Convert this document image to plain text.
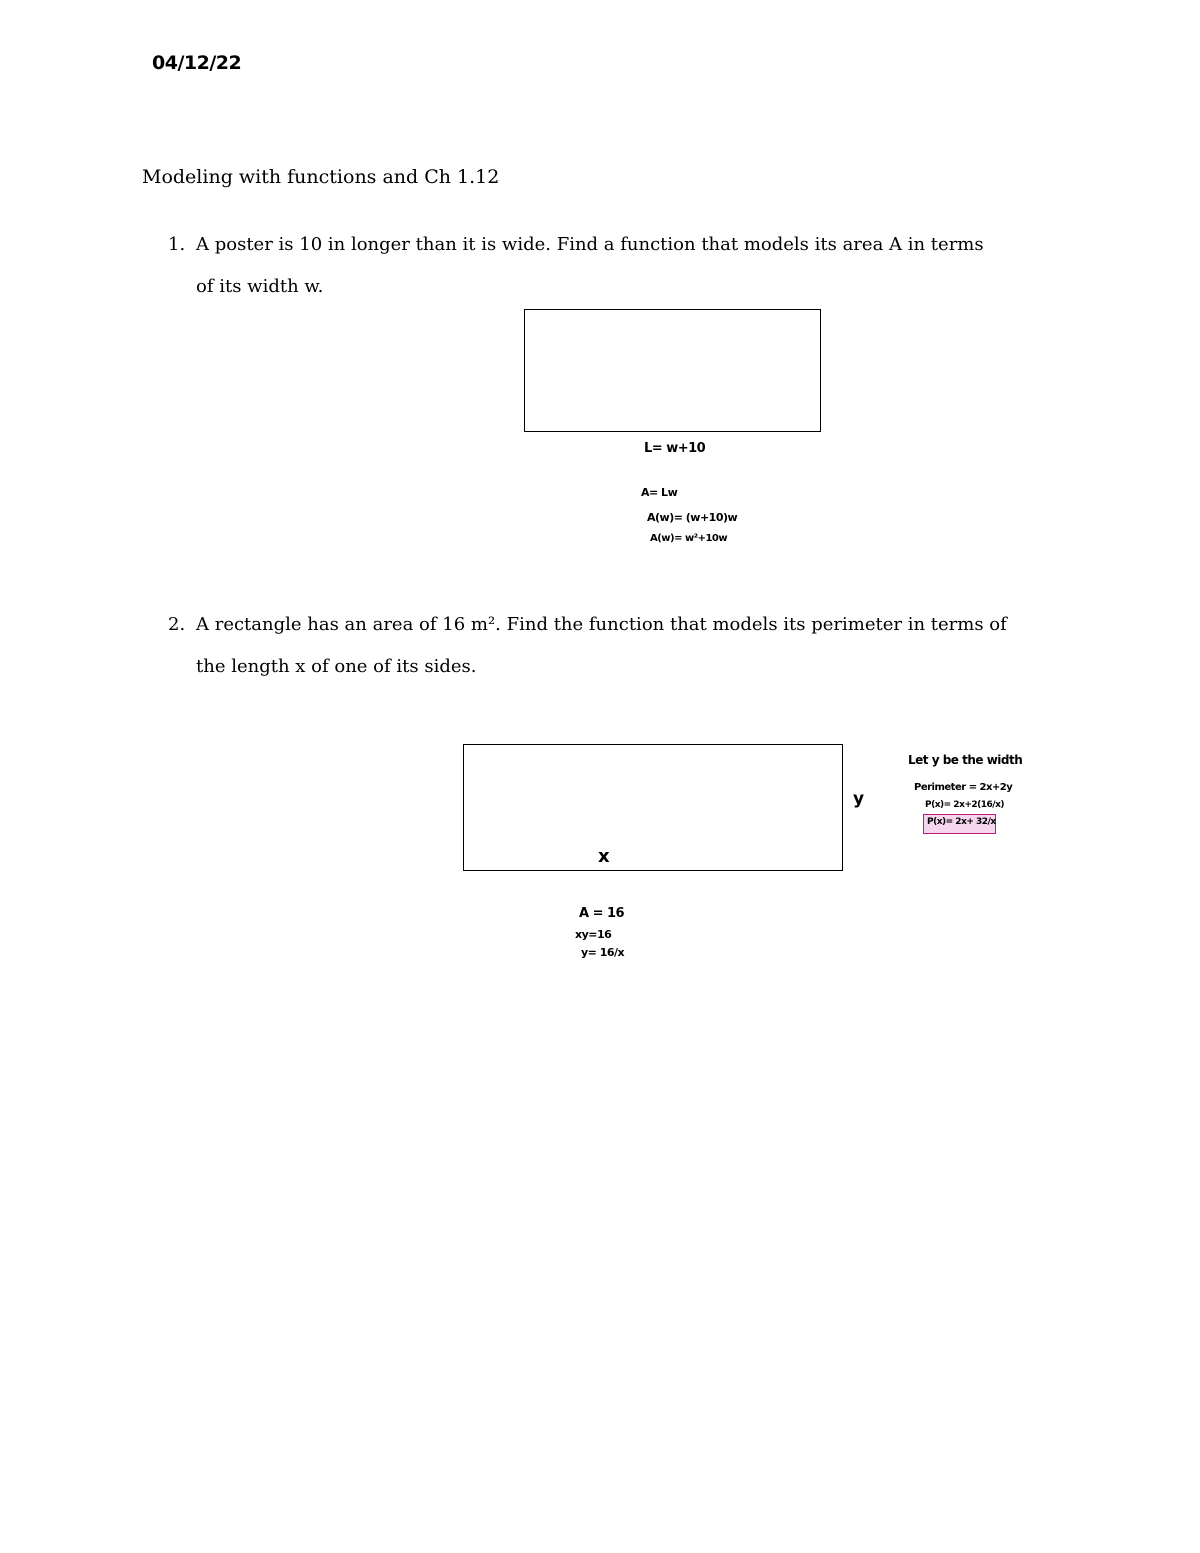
04/12/22
Modeling with functions and Ch 1.12
1. A poster is 10 in longer than it is wide. Find a function that models its area A in terms
of its width w.
L= w+10
A= Lw
A(w)= (w+10)w
A(w)= w²+10w
2. A rectangle has an area of 16 m². Find the function that models its perimeter in terms of
the length x of one of its sides.
x
y
A = 16
xy=16
y= 16/x
Let y be the width
Perimeter = 2x+2y
P(x)= 2x+2(16/x)
P(x)= 2x+ 32/x
